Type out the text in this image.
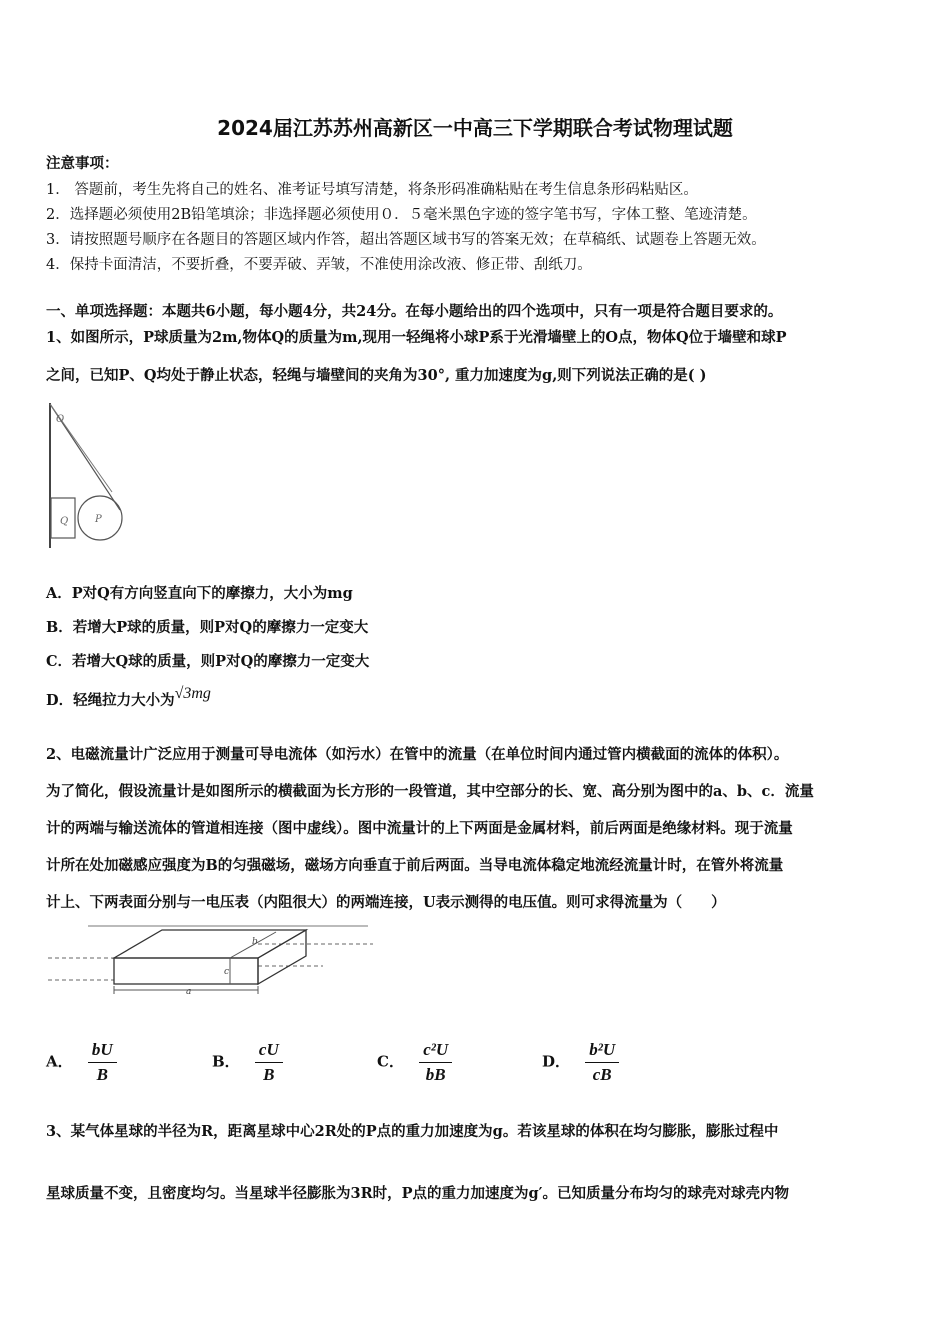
2024届江苏苏州高新区一中高三下学期联合考试物理试题
注意事项：
1． 答题前，考生先将自己的姓名、准考证号填写清楚，将条形码准确粘贴在考生信息条形码粘贴区。
2．选择题必须使用2B铅笔填涂；非选择题必须使用０．５毫米黑色字迹的签字笔书写，字体工整、笔迹清楚。
3．请按照题号顺序在各题目的答题区域内作答，超出答题区域书写的答案无效；在草稿纸、试题卷上答题无效。
4．保持卡面清洁，不要折叠，不要弄破、弄皱，不准使用涂改液、修正带、刮纸刀。
一、单项选择题：本题共6小题，每小题4分，共24分。在每小题给出的四个选项中，只有一项是符合题目要求的。
1、如图所示，P球质量为2m,物体Q的质量为m,现用一轻绳将小球P系于光滑墙壁上的O点，物体Q位于墙壁和球P
之间，已知P、Q均处于静止状态，轻绳与墙壁间的夹角为30°, 重力加速度为g,则下列说法正确的是( )
O
Q	P
A．P对Q有方向竖直向下的摩擦力，大小为mg
B．若增大P球的质量，则P对Q的摩擦力一定变大
C．若增大Q球的质量，则P对Q的摩擦力一定变大
D．轻绳拉力大小为√3mg
2、电磁流量计广泛应用于测量可导电流体（如污水）在管中的流量（在单位时间内通过管内横截面的流体的体积）。
为了简化，假设流量计是如图所示的横截面为长方形的一段管道，其中空部分的长、宽、高分别为图中的a、b、c．流量
计的两端与输送流体的管道相连接（图中虚线）。图中流量计的上下两面是金属材料，前后两面是绝缘材料。现于流量
计所在处加磁感应强度为B的匀强磁场，磁场方向垂直于前后两面。当导电流体稳定地流经流量计时，在管外将流量
计上、下两表面分别与一电压表（内阻很大）的两端连接，U表示测得的电压值。则可求得流量为（　　）
b
c
a
A． $\frac{bU}{B}$	B． $\frac{cU}{B}$	C． $\frac{\text{c²U}}{bB}$	D． $\frac{\text{b²U}}{cB}$
3、某气体星球的半径为R，距离星球中心2R处的P点的重力加速度为g。若该星球的体积在均匀膨胀，膨胀过程中
星球质量不变，且密度均匀。当星球半径膨胀为3R时，P点的重力加速度为g′。已知质量分布均匀的球壳对球壳内物
